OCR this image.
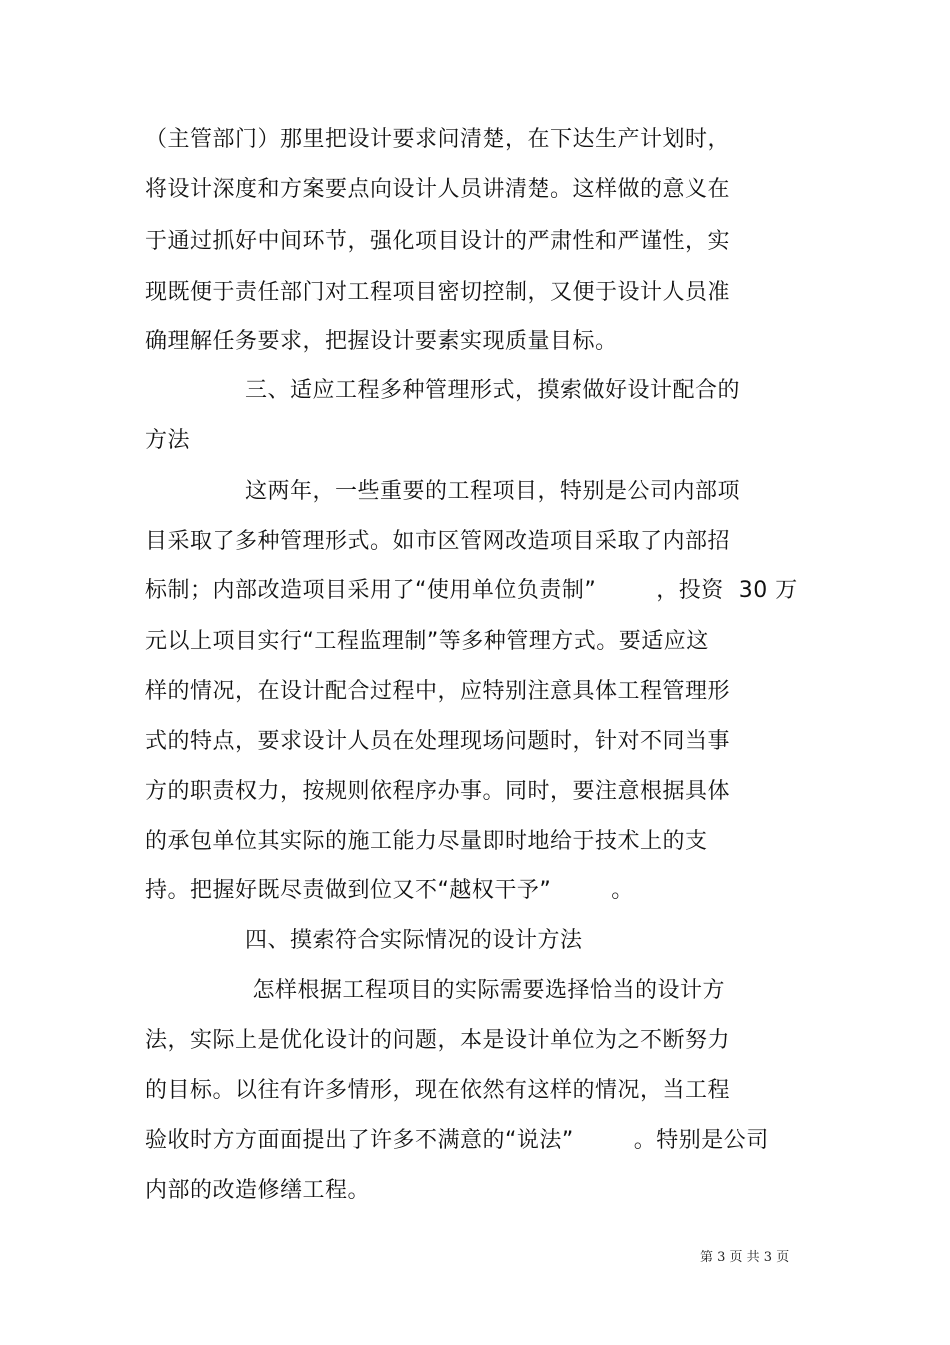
（主管部门）那里把设计要求问清楚，在下达生产计划时，
将设计深度和方案要点向设计人员讲清楚。这样做的意义在
于通过抓好中间环节，强化项目设计的严肃性和严谨性，实
现既便于责任部门对工程项目密切控制，又便于设计人员准
确理解任务要求，把握设计要素实现质量目标。
三、适应工程多种管理形式，摸索做好设计配合的
方法
这两年，一些重要的工程项目，特别是公司内部项
目采取了多种管理形式。如市区管网改造项目采取了内部招
标制；内部改造项目采用了“使用单位负责制”        ，投资  30 万
元以上项目实行“工程监理制”等多种管理方式。要适应这
样的情况，在设计配合过程中，应特别注意具体工程管理形
式的特点，要求设计人员在处理现场问题时，针对不同当事
方的职责权力，按规则依程序办事。同时，要注意根据具体
的承包单位其实际的施工能力尽量即时地给于技术上的支
持。把握好既尽责做到位又不“越权干予”        。
四、摸索符合实际情况的设计方法
怎样根据工程项目的实际需要选择恰当的设计方
法，实际上是优化设计的问题，本是设计单位为之不断努力
的目标。以往有许多情形，现在依然有这样的情况，当工程
验收时方方面面提出了许多不满意的“说法”        。特别是公司
内部的改造修缮工程。
第 3 页 共 3 页
